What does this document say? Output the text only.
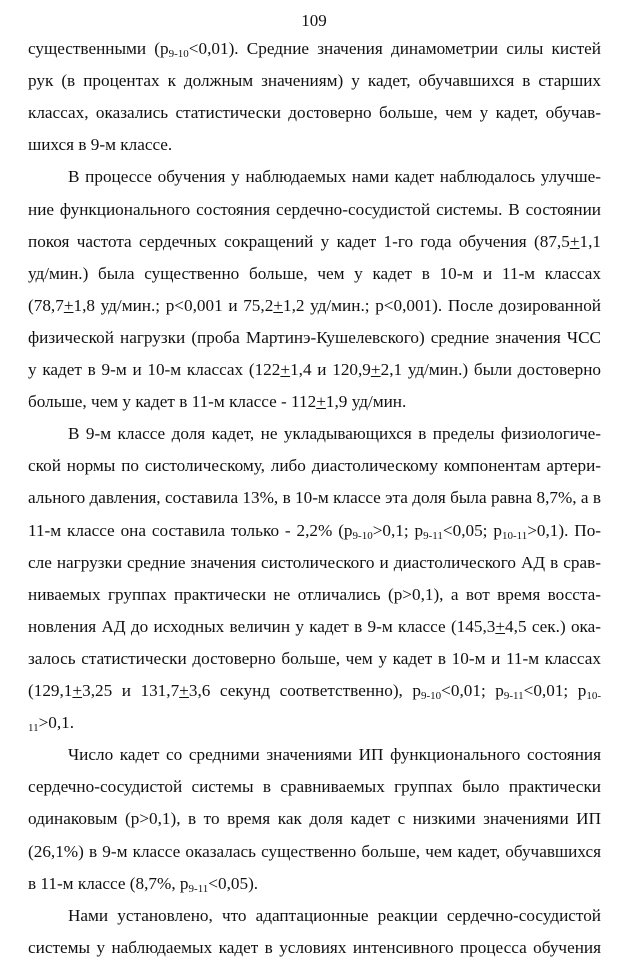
109
существенными $(p_{9-10}<0,01)$. Средние значения динамометрии силы кистей
рук (в процентах к должным значениям) у кадет, обучавшихся в старших
классах, оказались статистически достоверно больше, чем у кадет, обучав-
шихся в 9-м классе.
В процессе обучения у наблюдаемых нами кадет наблюдалось улучше-
ние функционального состояния сердечно-сосудистой системы. В состоянии
покоя частота сердечных сокращений у кадет 1-го года обучения (87,5+1,1
уд/мин.) была существенно больше, чем у кадет в 10-м и 11-м классах
(78,7+1,8 уд/мин.; p<0,001 и 75,2+1,2 уд/мин.; p<0,001). После дозированной
физической нагрузки (проба Мартинэ-Кушелевского) средние значения ЧСС
у кадет в 9-м и 10-м классах (122+1,4 и 120,9+2,1 уд/мин.) были достоверно
больше, чем у кадет в 11-м классе - 112+1,9 уд/мин.
В 9-м классе доля кадет, не укладывающихся в пределы физиологиче-
ской нормы по систолическому, либо диастолическому компонентам артери-
ального давления, составила 13%, в 10-м классе эта доля была равна 8,7%, а в
11-м классе она составила только - 2,2% ($p_{9-10}>0,1$; $p_{9-11}<0,05$; $p_{10-11}>0,1$). По-
сле нагрузки средние значения систолического и диастолического АД в срав-
ниваемых группах практически не отличались (p>0,1), а вот время восста-
новления АД до исходных величин у кадет в 9-м классе (145,3+4,5 сек.) ока-
залось статистически достоверно больше, чем у кадет в 10-м и 11-м классах
(129,1+3,25 и 131,7+3,6 секунд соответственно), $p_{9-10}<0,01$; $p_{9-11}<0,01$; $p_{10-}$
$_{11}$>0,1.
Число кадет со средними значениями ИП функционального состояния
сердечно-сосудистой системы в сравниваемых группах было практически
одинаковым (p>0,1), в то время как доля кадет с низкими значениями ИП
(26,1%) в 9-м классе оказалась существенно больше, чем кадет, обучавшихся
в 11-м классе (8,7%, $p_{9-11}<0,05$).
Нами установлено, что адаптационные реакции сердечно-сосудистой
системы у наблюдаемых кадет в условиях интенсивного процесса обучения
